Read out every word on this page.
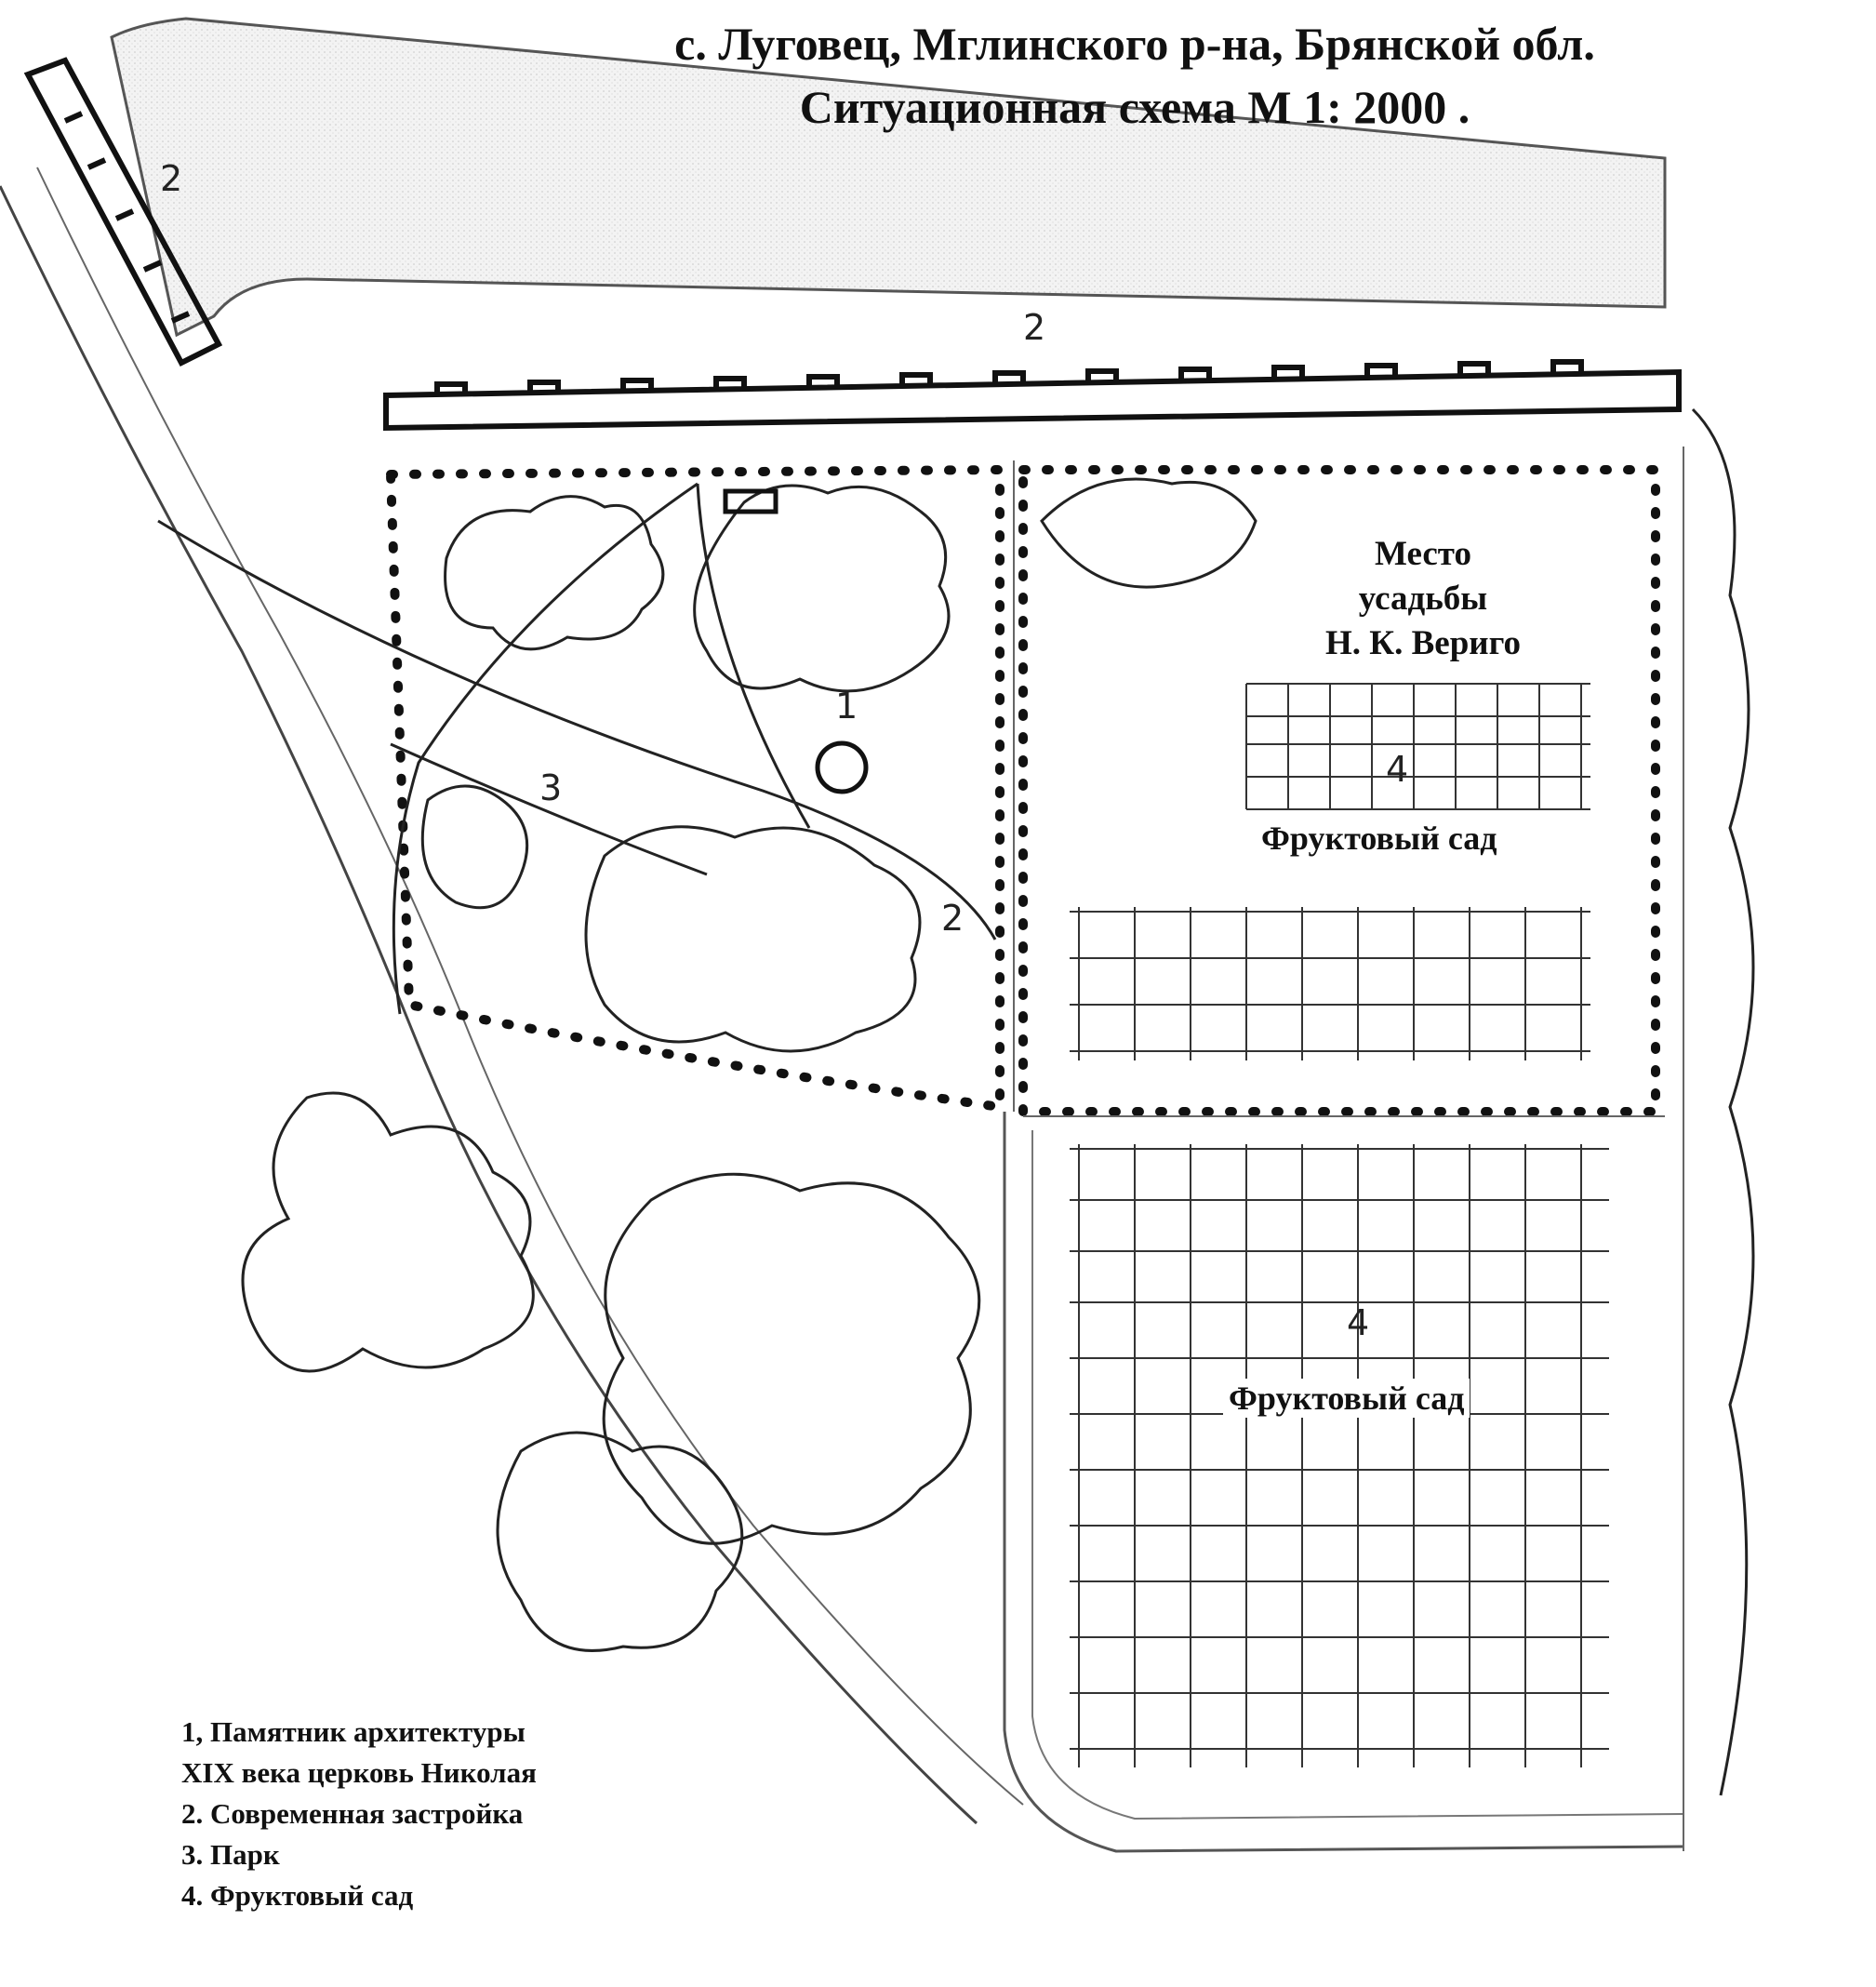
1
2
2
2
3	4
4
с. Луговец, Мглинского р-на, Брянской обл.
Ситуационная схема М 1: 2000 .
Место
усадьбы
Н. К. Вериго
Фруктовый сад
Фруктовый сад
1, Памятник архитектуры
XIX века церковь Николая
2. Современная застройка
3. Парк
4. Фруктовый сад
